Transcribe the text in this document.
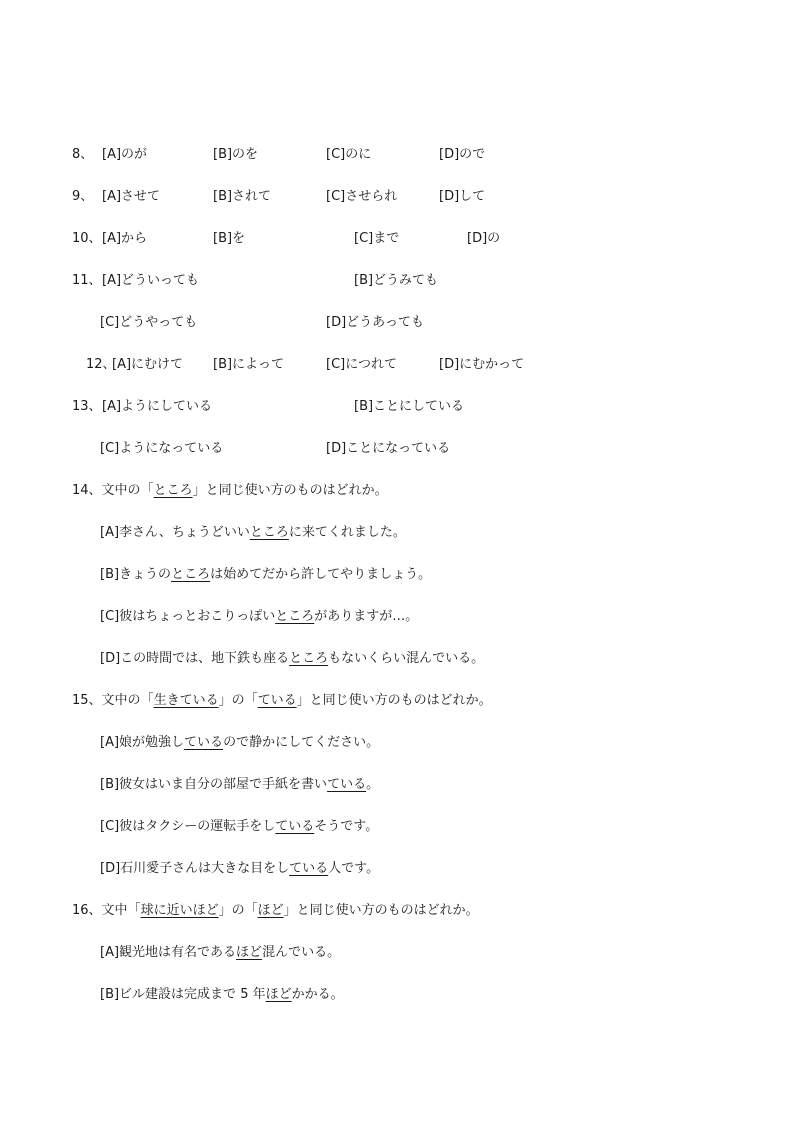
8、 [A]のが	[B]のを	[C]のに	[D]ので
9、 [A]させて	[B]されて	[C]させられ	[D]して
10、 [A]から	[B]を	[C]まで	[D]の
11、 [A]どういっても	[B]どうみても
[C]どうやっても	[D]どうあっても
12、
[A]にむけて [B]によって	[C]につれて	[D]にむかって
13、 [A]ようにしている	[B]ことにしている
[C]ようになっている	[D]ことになっている
14、文中の「ところ」と同じ使い方のものはどれか。
[A]李さん、ちょうどいいところに来てくれました。
[B]きょうのところは始めてだから許してやりましょう。
[C]彼はちょっとおこりっぽいところがありますが…。
[D]この時間では、地下鉄も座るところもないくらい混んでいる。
15、文中の「生きている」の「ている」と同じ使い方のものはどれか。
[A]娘が勉強しているので静かにしてください。
[B]彼女はいま自分の部屋で手紙を書いている。
[C]彼はタクシーの運転手をしているそうです。
[D]石川愛子さんは大きな目をしている人です。
16、文中「球に近いほど」の「ほど」と同じ使い方のものはどれか。
[A]観光地は有名であるほど混んでいる。
[B]ビル建設は完成まで 5 年ほどかかる。
